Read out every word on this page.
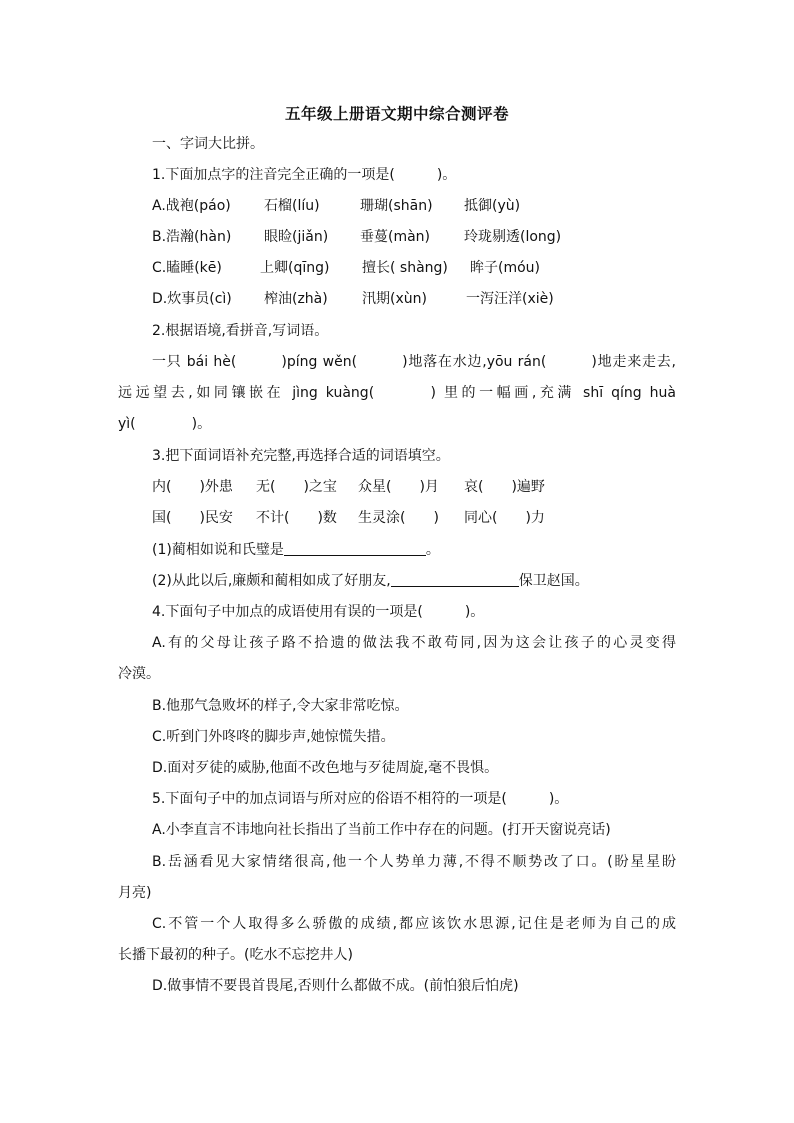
五年级上册语文期中综合测评卷
一、字词大比拼。
1.下面加点字的注音完全正确的一项是(　　　)。
A.战袍(páo) 石榴(líu)	珊瑚(shān) 抵御(yù)
B.浩瀚(hàn) 眼睑(jiǎn) 垂蔓(màn) 玲珑剔透(long)
C.瞌睡(kē)	上卿(qīng) 擅长( shàng) 眸子(móu)
D.炊事员(cì) 榨油(zhà) 汛期(xùn)	一泻汪洋(xiè)
2.根据语境,看拼音,写词语。
一只 bái hè(　　　)píng wěn(　　　)地落在水边,yōu rán(　　　)地走来走去,
远远望去,如同镶嵌在 jìng kuàng(　　　) 里的一幅画,充满 shī qíng huà
yì(　　　　)。
3.把下面词语补充完整,再选择合适的词语填空。
内(　　)外患 无(　　)之宝 众星(　　)月 哀(　　)遍野
国(　　)民安 不计(　　)数 生灵涂(　　) 同心(　　)力
(1)蔺相如说和氏璧是	。
(2)从此以后,廉颇和蔺相如成了好朋友,	保卫赵国。
4.下面句子中加点的成语使用有误的一项是(　　　)。
A.有的父母让孩子路不拾遗的做法我不敢苟同,因为这会让孩子的心灵变得
冷漠。
B.他那气急败坏的样子,令大家非常吃惊。
C.听到门外咚咚的脚步声,她惊慌失措。
D.面对歹徒的威胁,他面不改色地与歹徒周旋,毫不畏惧。
5.下面句子中的加点词语与所对应的俗语不相符的一项是(　　　)。
A.小李直言不讳地向社长指出了当前工作中存在的问题。(打开天窗说亮话)
B.岳涵看见大家情绪很高,他一个人势单力薄,不得不顺势改了口。(盼星星盼
月亮)
C.不管一个人取得多么骄傲的成绩,都应该饮水思源,记住是老师为自己的成
长播下最初的种子。(吃水不忘挖井人)
D.做事情不要畏首畏尾,否则什么都做不成。(前怕狼后怕虎)
